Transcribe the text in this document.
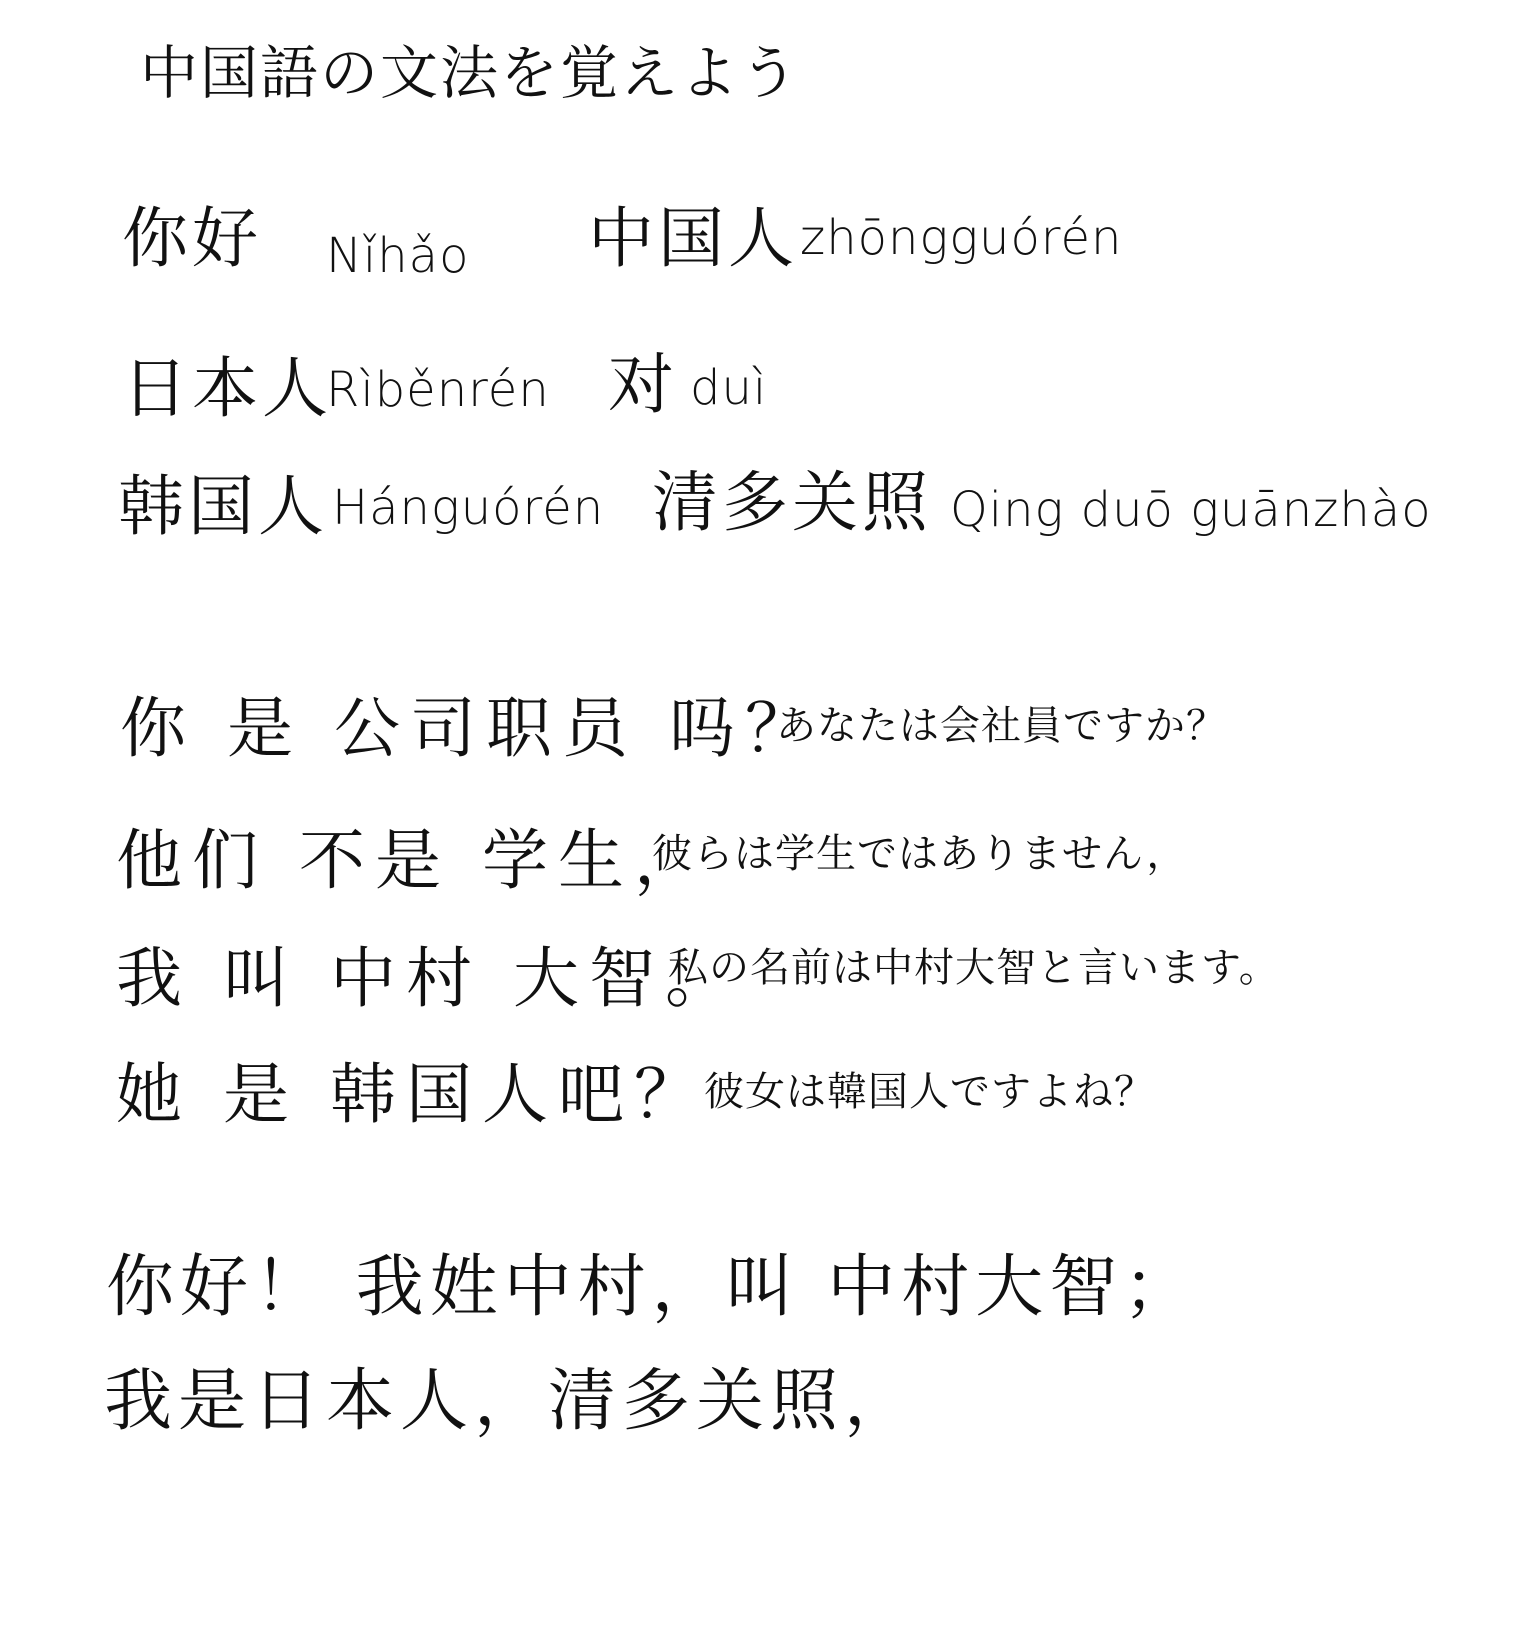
中国語の文法を覚えよう
你好 Nǐhǎo 中国人 zhōngguórén
日本人
Rìběnrén 对 duì
韩国人 Hánguórén 清多关照 Qing duō guānzhào
你 是 公司职员 吗？
あなたは会社員ですか？
他们 不是 学生，
彼らは学生ではありません，
我 叫 中村 大智。
私の名前は中村大智と言います。
她 是 韩国人吧？
彼女は韓国人ですよね？
你好！ 我姓中村，叫 中村大智；
我是日本人，清多关照，
